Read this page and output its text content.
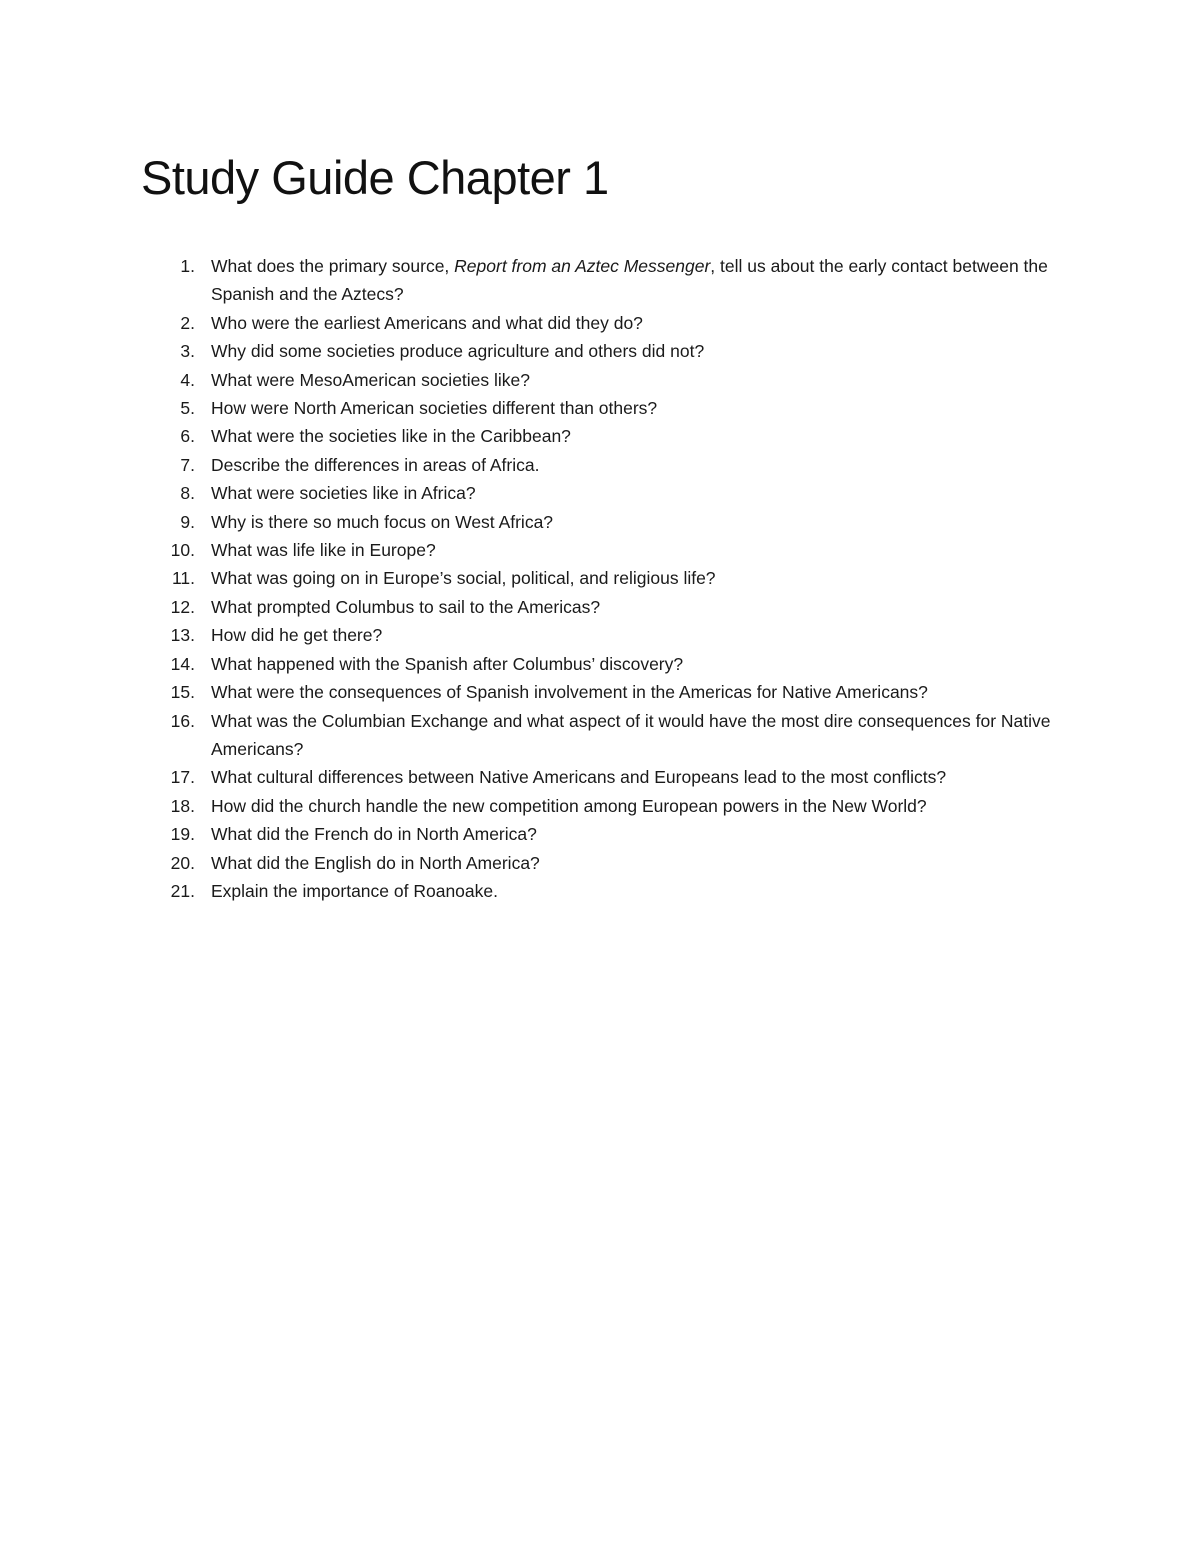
Study Guide Chapter 1
1. What does the primary source, Report from an Aztec Messenger, tell us about the early contact between the Spanish and the Aztecs?
2. Who were the earliest Americans and what did they do?
3. Why did some societies produce agriculture and others did not?
4. What were MesoAmerican societies like?
5. How were North American societies different than others?
6. What were the societies like in the Caribbean?
7. Describe the differences in areas of Africa.
8. What were societies like in Africa?
9. Why is there so much focus on West Africa?
10. What was life like in Europe?
11. What was going on in Europe’s social, political, and religious life?
12. What prompted Columbus to sail to the Americas?
13. How did he get there?
14. What happened with the Spanish after Columbus’ discovery?
15. What were the consequences of Spanish involvement in the Americas for Native Americans?
16. What was the Columbian Exchange and what aspect of it would have the most dire consequences for Native Americans?
17. What cultural differences between Native Americans and Europeans lead to the most conflicts?
18. How did the church handle the new competition among European powers in the New World?
19. What did the French do in North America?
20. What did the English do in North America?
21. Explain the importance of Roanoake.
